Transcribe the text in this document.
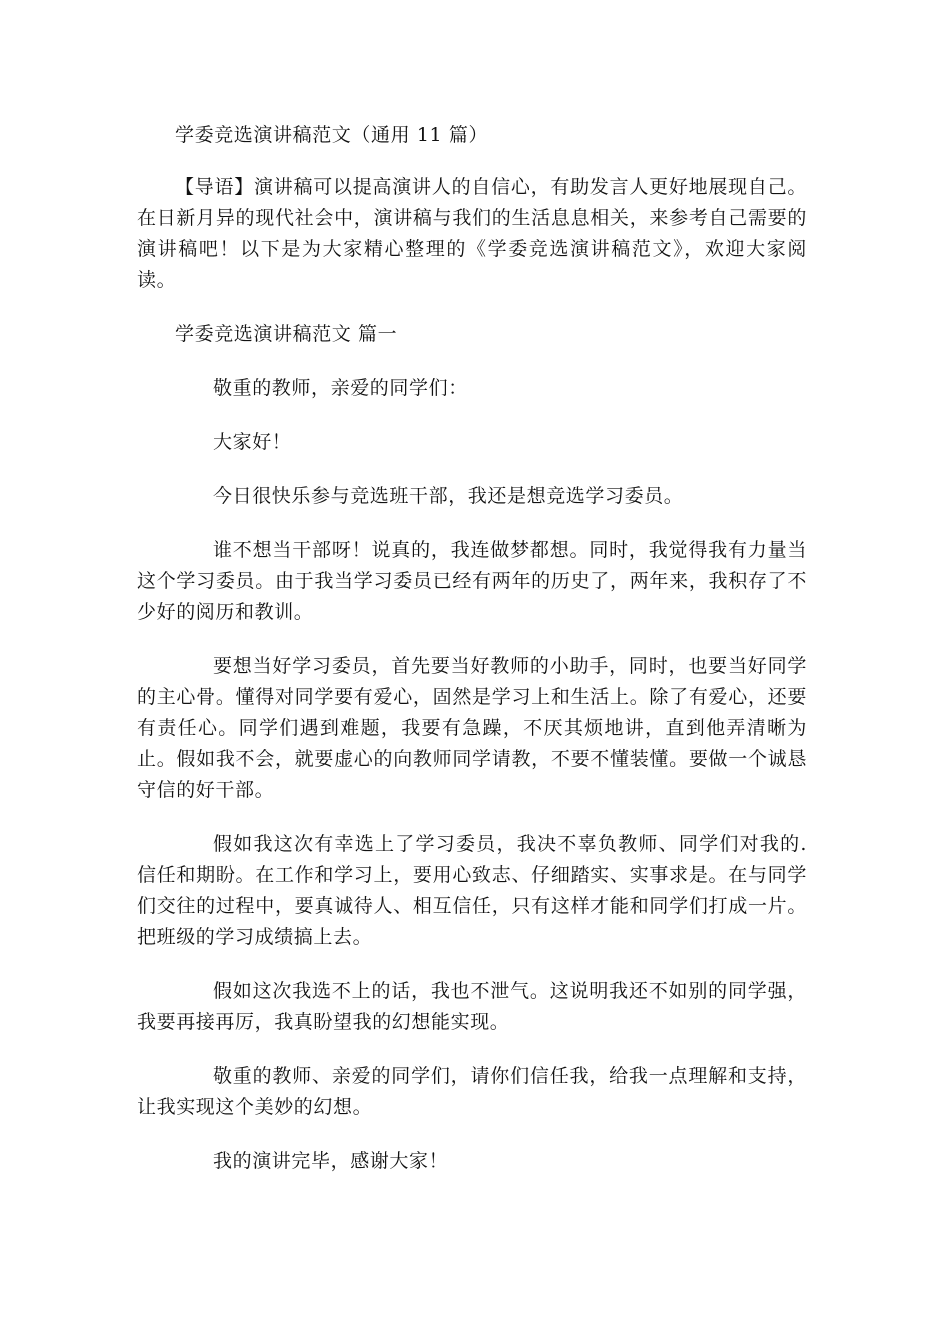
学委竞选演讲稿范文（通用 11 篇）

【导语】演讲稿可以提高演讲人的自信心，有助发言人更好地展现自己。在日新月异的现代社会中，演讲稿与我们的生活息息相关，来参考自己需要的演讲稿吧！以下是为大家精心整理的《学委竞选演讲稿范文》，欢迎大家阅读。

学委竞选演讲稿范文 篇一

敬重的教师，亲爱的同学们：

大家好！

今日很快乐参与竞选班干部，我还是想竞选学习委员。

谁不想当干部呀！说真的，我连做梦都想。同时，我觉得我有力量当这个学习委员。由于我当学习委员已经有两年的历史了，两年来，我积存了不少好的阅历和教训。

要想当好学习委员，首先要当好教师的小助手，同时，也要当好同学的主心骨。懂得对同学要有爱心，固然是学习上和生活上。除了有爱心，还要有责任心。同学们遇到难题，我要有急躁，不厌其烦地讲，直到他弄清晰为止。假如我不会，就要虚心的向教师同学请教，不要不懂装懂。要做一个诚恳守信的好干部。

假如我这次有幸选上了学习委员，我决不辜负教师、同学们对我的. 信任和期盼。在工作和学习上，要用心致志、仔细踏实、实事求是。在与同学们交往的过程中，要真诚待人、相互信任，只有这样才能和同学们打成一片。把班级的学习成绩搞上去。

假如这次我选不上的话，我也不泄气。这说明我还不如别的同学强，我要再接再厉，我真盼望我的幻想能实现。

敬重的教师、亲爱的同学们，请你们信任我，给我一点理解和支持，让我实现这个美妙的幻想。

我的演讲完毕，感谢大家！
